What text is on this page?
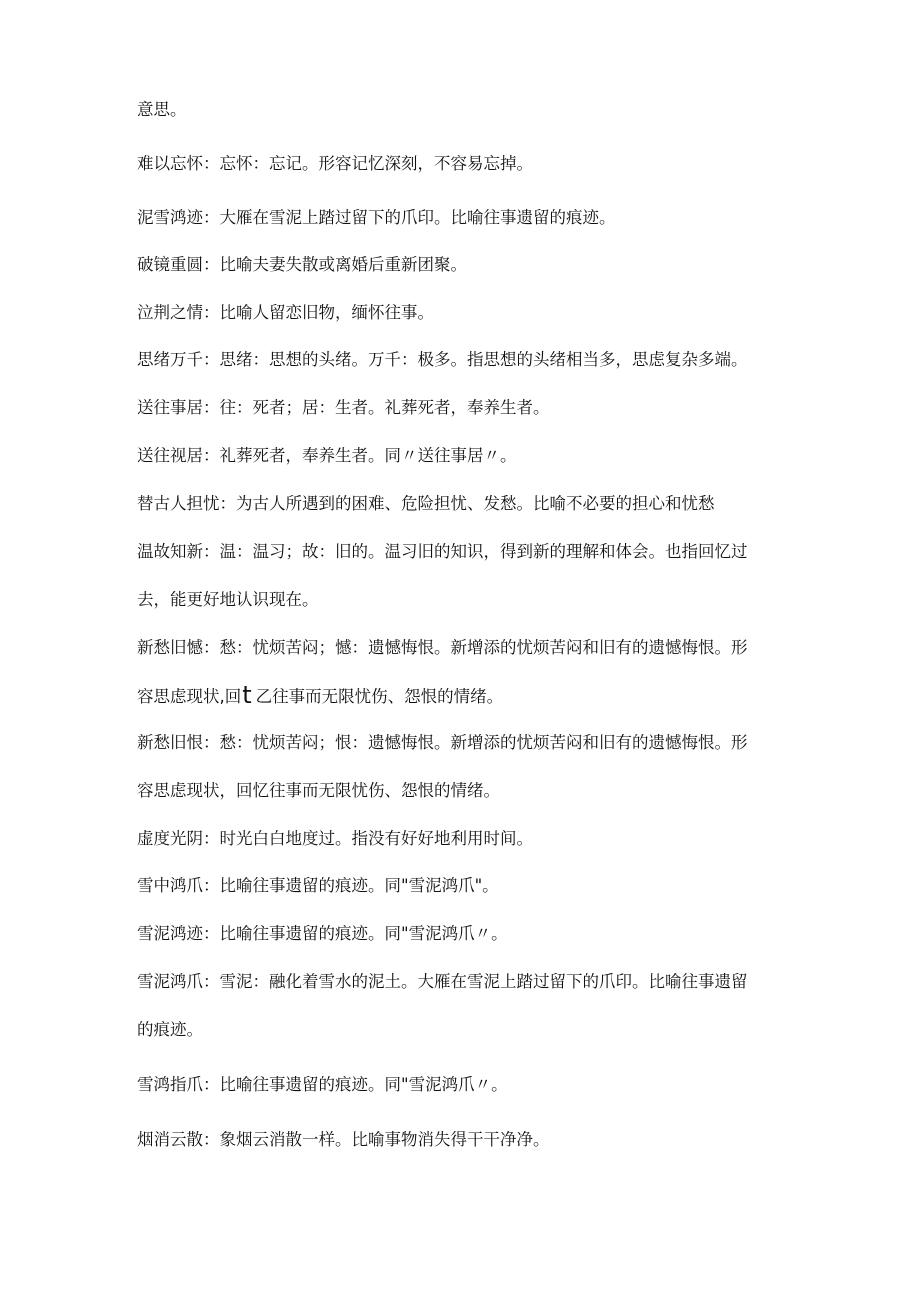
意思。
难以忘怀：忘怀：忘记。形容记忆深刻，不容易忘掉。
泥雪鸿迹：大雁在雪泥上踏过留下的爪印。比喻往事遗留的痕迹。
破镜重圆：比喻夫妻失散或离婚后重新团聚。
泣荆之情：比喻人留恋旧物，缅怀往事。
思绪万千：思绪：思想的头绪。万千：极多。指思想的头绪相当多，思虑复杂多端。
送往事居：往：死者；居：生者。礼葬死者，奉养生者。
送往视居：礼葬死者，奉养生者。同〃送往事居〃。
替古人担忧：为古人所遇到的困难、危险担忧、发愁。比喻不必要的担心和忧愁
温故知新：温：温习；故：旧的。温习旧的知识，得到新的理解和体会。也指回忆过
去，能更好地认识现在。
新愁旧憾：愁：忧烦苦闷；憾：遗憾悔恨。新增添的忧烦苦闷和旧有的遗憾悔恨。形
容思虑现状,回t 乙往事而无限忧伤、怨恨的情绪。
新愁旧恨：愁：忧烦苦闷；恨：遗憾悔恨。新增添的忧烦苦闷和旧有的遗憾悔恨。形
容思虑现状，回忆往事而无限忧伤、怨恨的情绪。
虚度光阴：时光白白地度过。指没有好好地利用时间。
雪中鸿爪：比喻往事遗留的痕迹。同"雪泥鸿爪"。
雪泥鸿迹：比喻往事遗留的痕迹。同"雪泥鸿爪〃。
雪泥鸿爪：雪泥：融化着雪水的泥土。大雁在雪泥上踏过留下的爪印。比喻往事遗留
的痕迹。
雪鸿指爪：比喻往事遗留的痕迹。同"雪泥鸿爪〃。
烟消云散：象烟云消散一样。比喻事物消失得干干净净。
